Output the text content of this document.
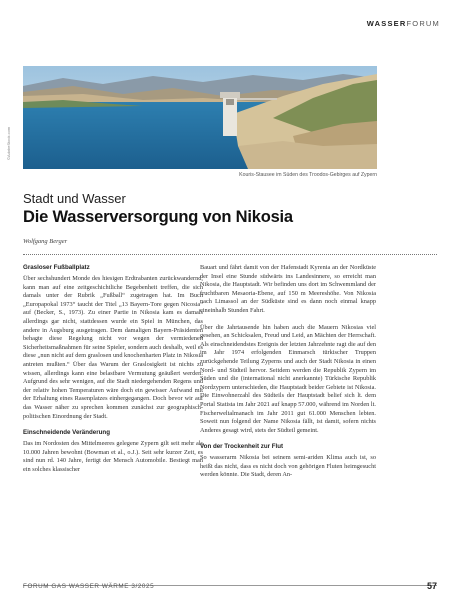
WASSERFORUM
©AdobeStock.com
Kouris-Stausee im Süden des Troodos-Gebirges auf Zypern
Stadt und Wasser
Die Wasserversorgung von Nikosia
Wolfgang Berger

Grasloser Fußballplatz

Über sechshundert Monde des hiesigen Erdtrabanten zurückwandernd, kann man auf eine zeitgeschichtliche Begebenheit treffen, die sich damals unter der Rubrik „Fußball“ zugetragen hat. Im Buch „Europapokal 1973“ taucht der Titel „13 Bayern-Tore gegen Nicosia“ auf (Becker, S., 1973). Zu einer Partie in Nikosia kam es damals allerdings gar nicht, stattdessen wurde ein Spiel in München, das andere in Augsburg ausgetragen. Dem damaligen Bayern-Präsidenten behagte diese Regelung nicht vor wegen der vermiedenen Sicherheitsmaßnahmen für seine Spieler, sondern auch deshalb, weil es diese „nun nicht auf dem graslosen und knochenharten Platz in Nikosia antreten mußten.“ Über das Warum der Graslosigkeit ist nichts zu wissen, allerdings kann eine belastbare Vermutung geäußert werden: Aufgrund des sehr wenigen, auf die Stadt niedergehenden Regens und der relativ hohen Temperaturen wäre doch ein gewisser Aufwand mit der Erhaltung eines Rasenplatzes einhergegangen. Doch bevor wir auf das Wasser näher zu sprechen kommen zunächst zur geographisch-politischen Einordnung der Stadt.

Einschneidende Veränderung

Das im Nordosten des Mittelmeeres gelegene Zypern gilt seit mehr als 10.000 Jahren bewohnt (Bowman et al., o.J.). Seit sehr kurzer Zeit, es sind nun rd. 140 Jahre, fertigt der Mensch Automobile. Bestiegt man ein solches klassischer

Bauart und fährt damit von der Hafenstadt Kyrenia an der Nordküste der Insel eine Stunde südwärts ins Landesinnere, so erreicht man Nikosia, die Hauptstadt. Wir befinden uns dort im Schwemmland der fruchtbaren Mesaoria-Ebene, auf 150 m Meereshöhe. Von Nikosia nach Limassol an der Südküste sind es dann noch einmal knapp eineinhalb Stunden Fahrt.

Über die Jahrtausende hin haben auch die Mauern Nikosias viel gesehen, an Schicksalen, Freud und Leid, an Mächten der Herrschaft. Als einschneidendstes Ereignis der letzten Jahrzehnte ragt die auf den im Jahr 1974 erfolgenden Einmarsch türkischer Truppen zurückgehende Teilung Zyperns und auch der Stadt Nikosia in einen Nord- und Südteil hervor. Seitdem werden die Republik Zypern im Süden und die (international nicht anerkannte) Türkische Republik Nordzypern unterschieden, die Hauptstadt beider Gebiete ist Nikosia. Die Einwohnerzahl des Südteils der Hauptstadt belief sich lt. dem Portal Statista im Jahr 2021 auf knapp 57.000, während im Norden lt. Fischerweltalmanach im Jahr 2011 gut 61.000 Menschen lebten. Soweit nun folgend der Name Nikosia fällt, ist damit, sofern nichts Anderes gesagt wird, stets der Südteil gemeint.

Von der Trockenheit zur Flut

So wasserarm Nikosia bei seinem semi-ariden Klima auch ist, so heißt das nicht, dass es nicht doch von gehörigen Fluten heimgesucht werden könnte. Die Stadt, deren An-

FORUM GAS WASSER WÄRME 3/2025	57
